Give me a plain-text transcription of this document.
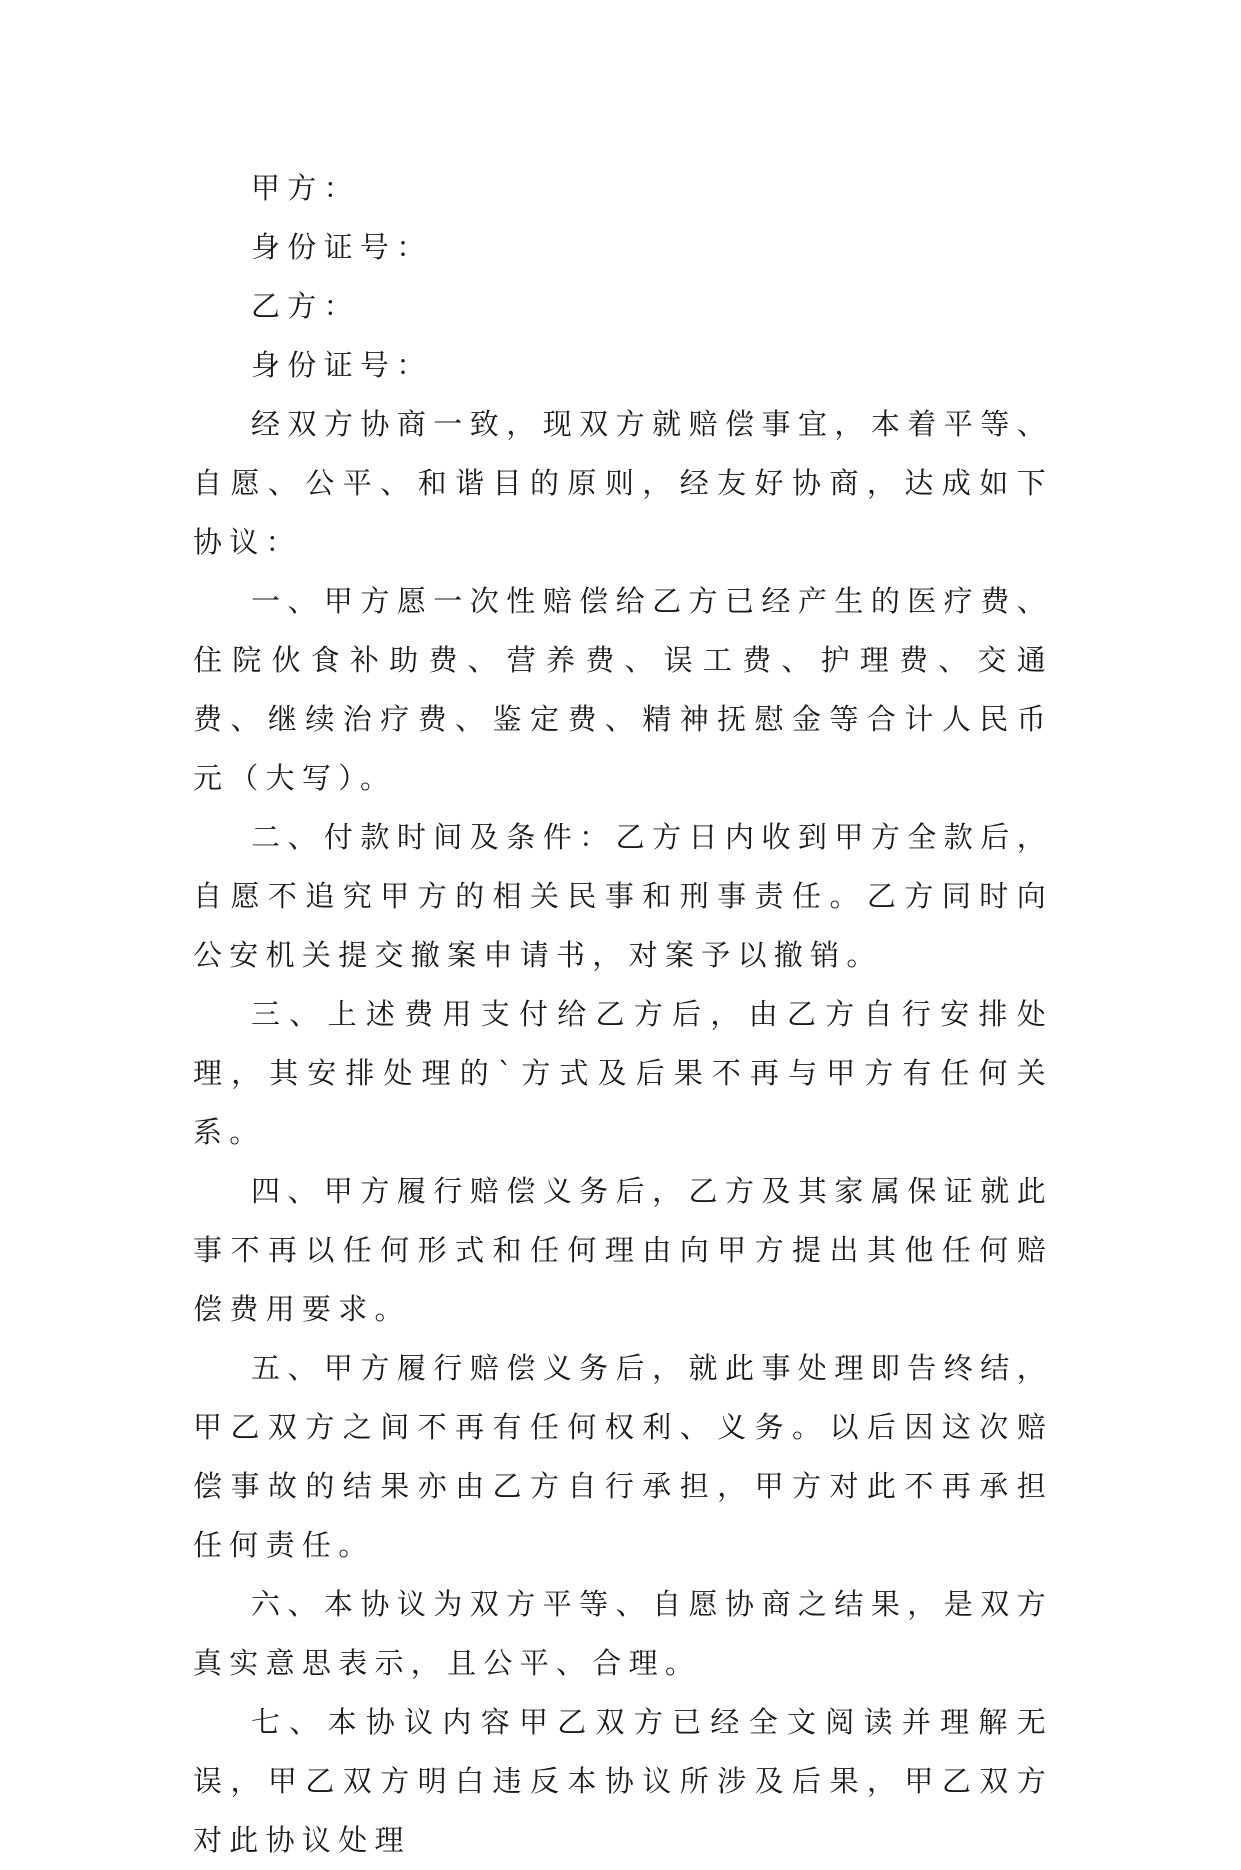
甲方：

身份证号：

乙方：

身份证号：

经双方协商一致，现双方就赔偿事宜，本着平等、自愿、公平、和谐目的原则，经友好协商，达成如下协议：

一、甲方愿一次性赔偿给乙方已经产生的医疗费、住院伙食补助费、营养费、误工费、护理费、交通费、继续治疗费、鉴定费、精神抚慰金等合计人民币元（大写）。

二、付款时间及条件：乙方日内收到甲方全款后，自愿不追究甲方的相关民事和刑事责任。乙方同时向公安机关提交撤案申请书，对案予以撤销。

三、上述费用支付给乙方后，由乙方自行安排处理，其安排处理的`方式及后果不再与甲方有任何关系。

四、甲方履行赔偿义务后，乙方及其家属保证就此事不再以任何形式和任何理由向甲方提出其他任何赔偿费用要求。

五、甲方履行赔偿义务后，就此事处理即告终结，甲乙双方之间不再有任何权利、义务。以后因这次赔偿事故的结果亦由乙方自行承担，甲方对此不再承担任何责任。

六、本协议为双方平等、自愿协商之结果，是双方真实意思表示，且公平、合理。

七、本协议内容甲乙双方已经全文阅读并理解无误，甲乙双方明白违反本协议所涉及后果，甲乙双方对此协议处理
